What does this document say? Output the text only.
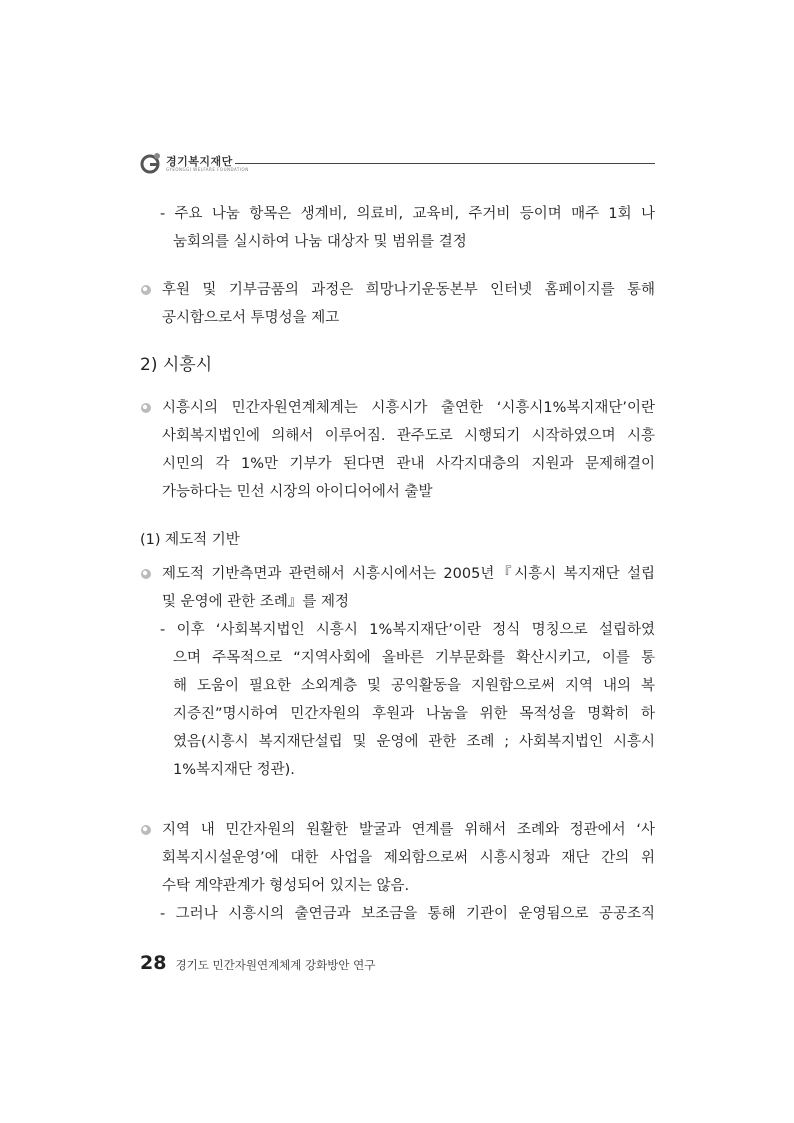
경기복지재단
GYEONGGI WELFARE FOUNDATION
- 주요 나눔 항목은 생계비, 의료비, 교육비, 주거비 등이며 매주 1회 나
눔회의를 실시하여 나눔 대상자 및 범위를 결정
후원 및 기부금품의 과정은 희망나기운동본부 인터넷 홈페이지를 통해
공시함으로서 투명성을 제고
2) 시흥시
시흥시의 민간자원연계체계는 시흥시가 출연한 ‘시흥시1%복지재단’이란
사회복지법인에 의해서 이루어짐. 관주도로 시행되기 시작하였으며 시흥
시민의 각 1%만 기부가 된다면 관내 사각지대층의 지원과 문제해결이
가능하다는 민선 시장의 아이디어에서 출발
(1) 제도적 기반
제도적 기반측면과 관련해서 시흥시에서는 2005년『시흥시 복지재단 설립
및 운영에 관한 조례』를 제정
- 이후 ‘사회복지법인 시흥시 1%복지재단’이란 정식 명칭으로 설립하였
으며 주목적으로 “지역사회에 올바른 기부문화를 확산시키고, 이를 통
해 도움이 필요한 소외계층 및 공익활동을 지원함으로써 지역 내의 복
지증진”명시하여 민간자원의 후원과 나눔을 위한 목적성을 명확히 하
였음(시흥시 복지재단설립 및 운영에 관한 조례 ; 사회복지법인 시흥시
1%복지재단 정관).
지역 내 민간자원의 원활한 발굴과 연계를 위해서 조례와 정관에서 ‘사
회복지시설운영’에 대한 사업을 제외함으로써 시흥시청과 재단 간의 위
수탁 계약관계가 형성되어 있지는 않음.
- 그러나 시흥시의 출연금과 보조금을 통해 기관이 운영됨으로 공공조직
28 경기도 민간자원연계체계 강화방안 연구
